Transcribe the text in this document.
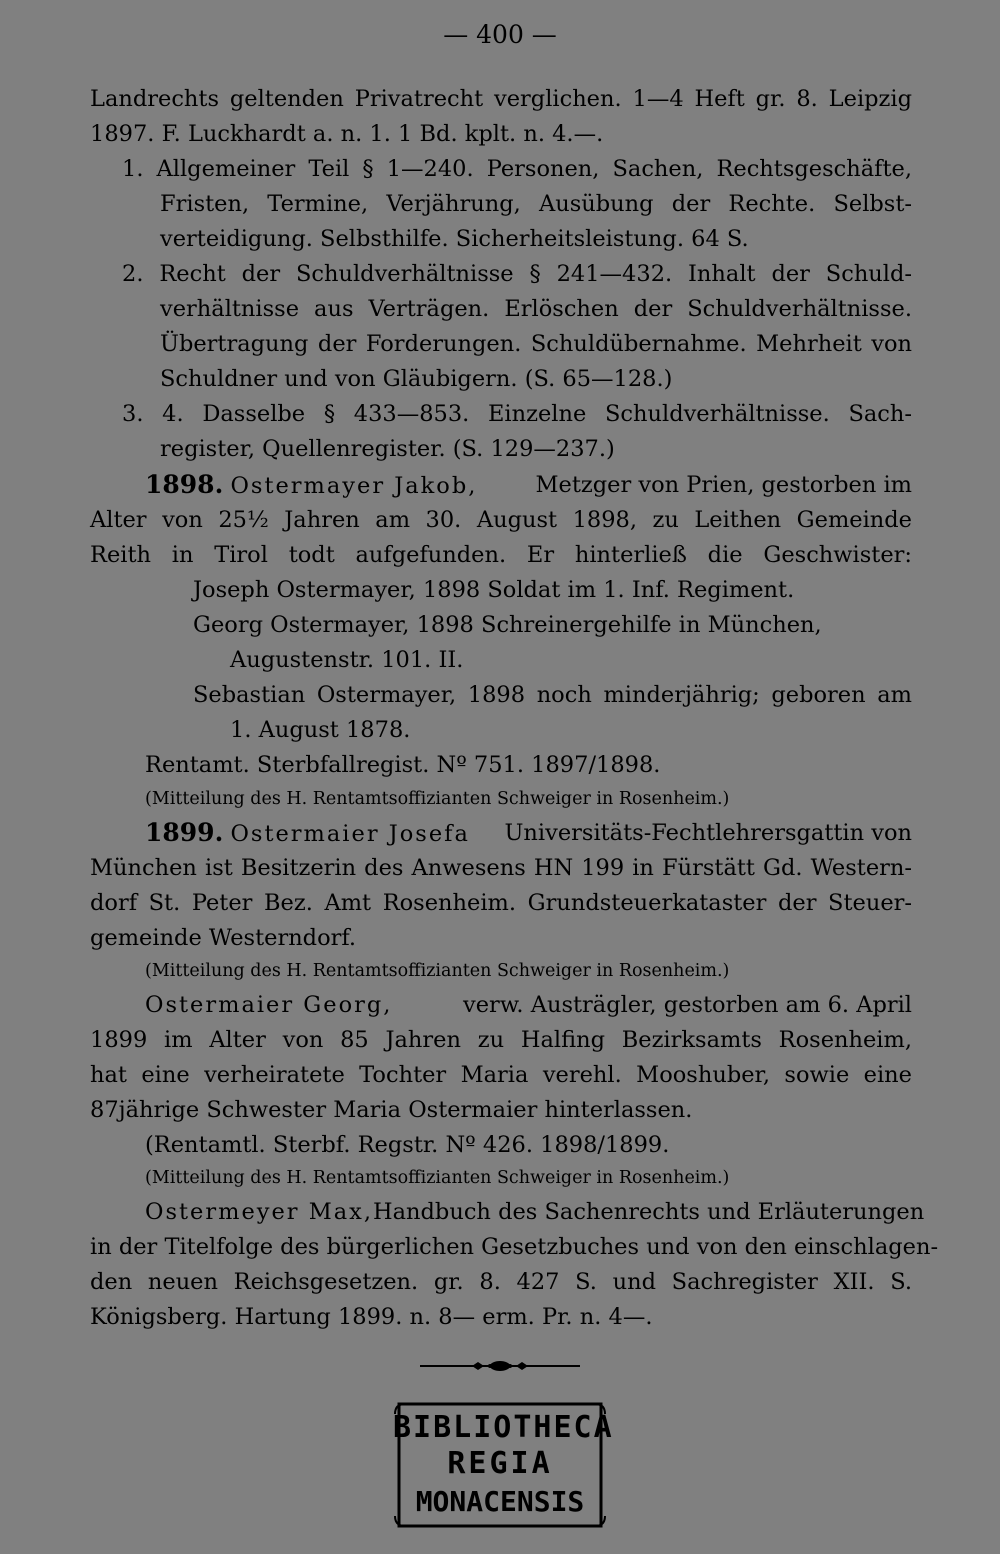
— 400 —
Landrechts geltenden Privatrecht verglichen. 1—4 Heft gr. 8. Leipzig
1897. F. Luckhardt a. n. 1. 1 Bd. kplt. n. 4.—.
1. Allgemeiner Teil § 1—240. Personen, Sachen, Rechtsgeschäfte,
Fristen, Termine, Verjährung, Ausübung der Rechte. Selbst-
verteidigung. Selbsthilfe. Sicherheitsleistung. 64 S.
2. Recht der Schuldverhältnisse § 241—432. Inhalt der Schuld-
verhältnisse aus Verträgen. Erlöschen der Schuldverhältnisse.
Übertragung der Forderungen. Schuldübernahme. Mehrheit von
Schuldner und von Gläubigern. (S. 65—128.)
3. 4. Dasselbe § 433—853. Einzelne Schuldverhältnisse. Sach-
register, Quellenregister. (S. 129—237.)
1898. Ostermayer Jakob,	Metzger von Prien, gestorben im
Alter von 25½ Jahren am 30. August 1898, zu Leithen Gemeinde
Reith in Tirol todt aufgefunden. Er hinterließ die Geschwister:
Joseph Ostermayer, 1898 Soldat im 1. Inf. Regiment.
Georg Ostermayer, 1898 Schreinergehilfe in München,
Augustenstr. 101. II.
Sebastian Ostermayer, 1898 noch minderjährig; geboren am
1. August 1878.
Rentamt. Sterbfallregist. Nº 751. 1897/1898.
(Mitteilung des H. Rentamtsoffizianten Schweiger in Rosenheim.)
1899. Ostermaier Josefa Universitäts-Fechtlehrersgattin von
München ist Besitzerin des Anwesens HN 199 in Fürstätt Gd. Western-
dorf St. Peter Bez. Amt Rosenheim. Grundsteuerkataster der Steuer-
gemeinde Westerndorf.
(Mitteilung des H. Rentamtsoffizianten Schweiger in Rosenheim.)
Ostermaier Georg,	verw. Austrägler, gestorben am 6. April
1899 im Alter von 85 Jahren zu Halfing Bezirksamts Rosenheim,
hat eine verheiratete Tochter Maria verehl. Mooshuber, sowie eine
87jährige Schwester Maria Ostermaier hinterlassen.
(Rentamtl. Sterbf. Regstr. Nº 426. 1898/1899.
(Mitteilung des H. Rentamtsoffizianten Schweiger in Rosenheim.)
Ostermeyer Max, Handbuch des Sachenrechts und Erläuterungen
in der Titelfolge des bürgerlichen Gesetzbuches und von den einschlagen-
den neuen Reichsgesetzen. gr. 8. 427 S. und Sachregister XII. S.
Königsberg. Hartung 1899. n. 8— erm. Pr. n. 4—.
BIBLIOTHECA
REGIA
MONACENSIS
